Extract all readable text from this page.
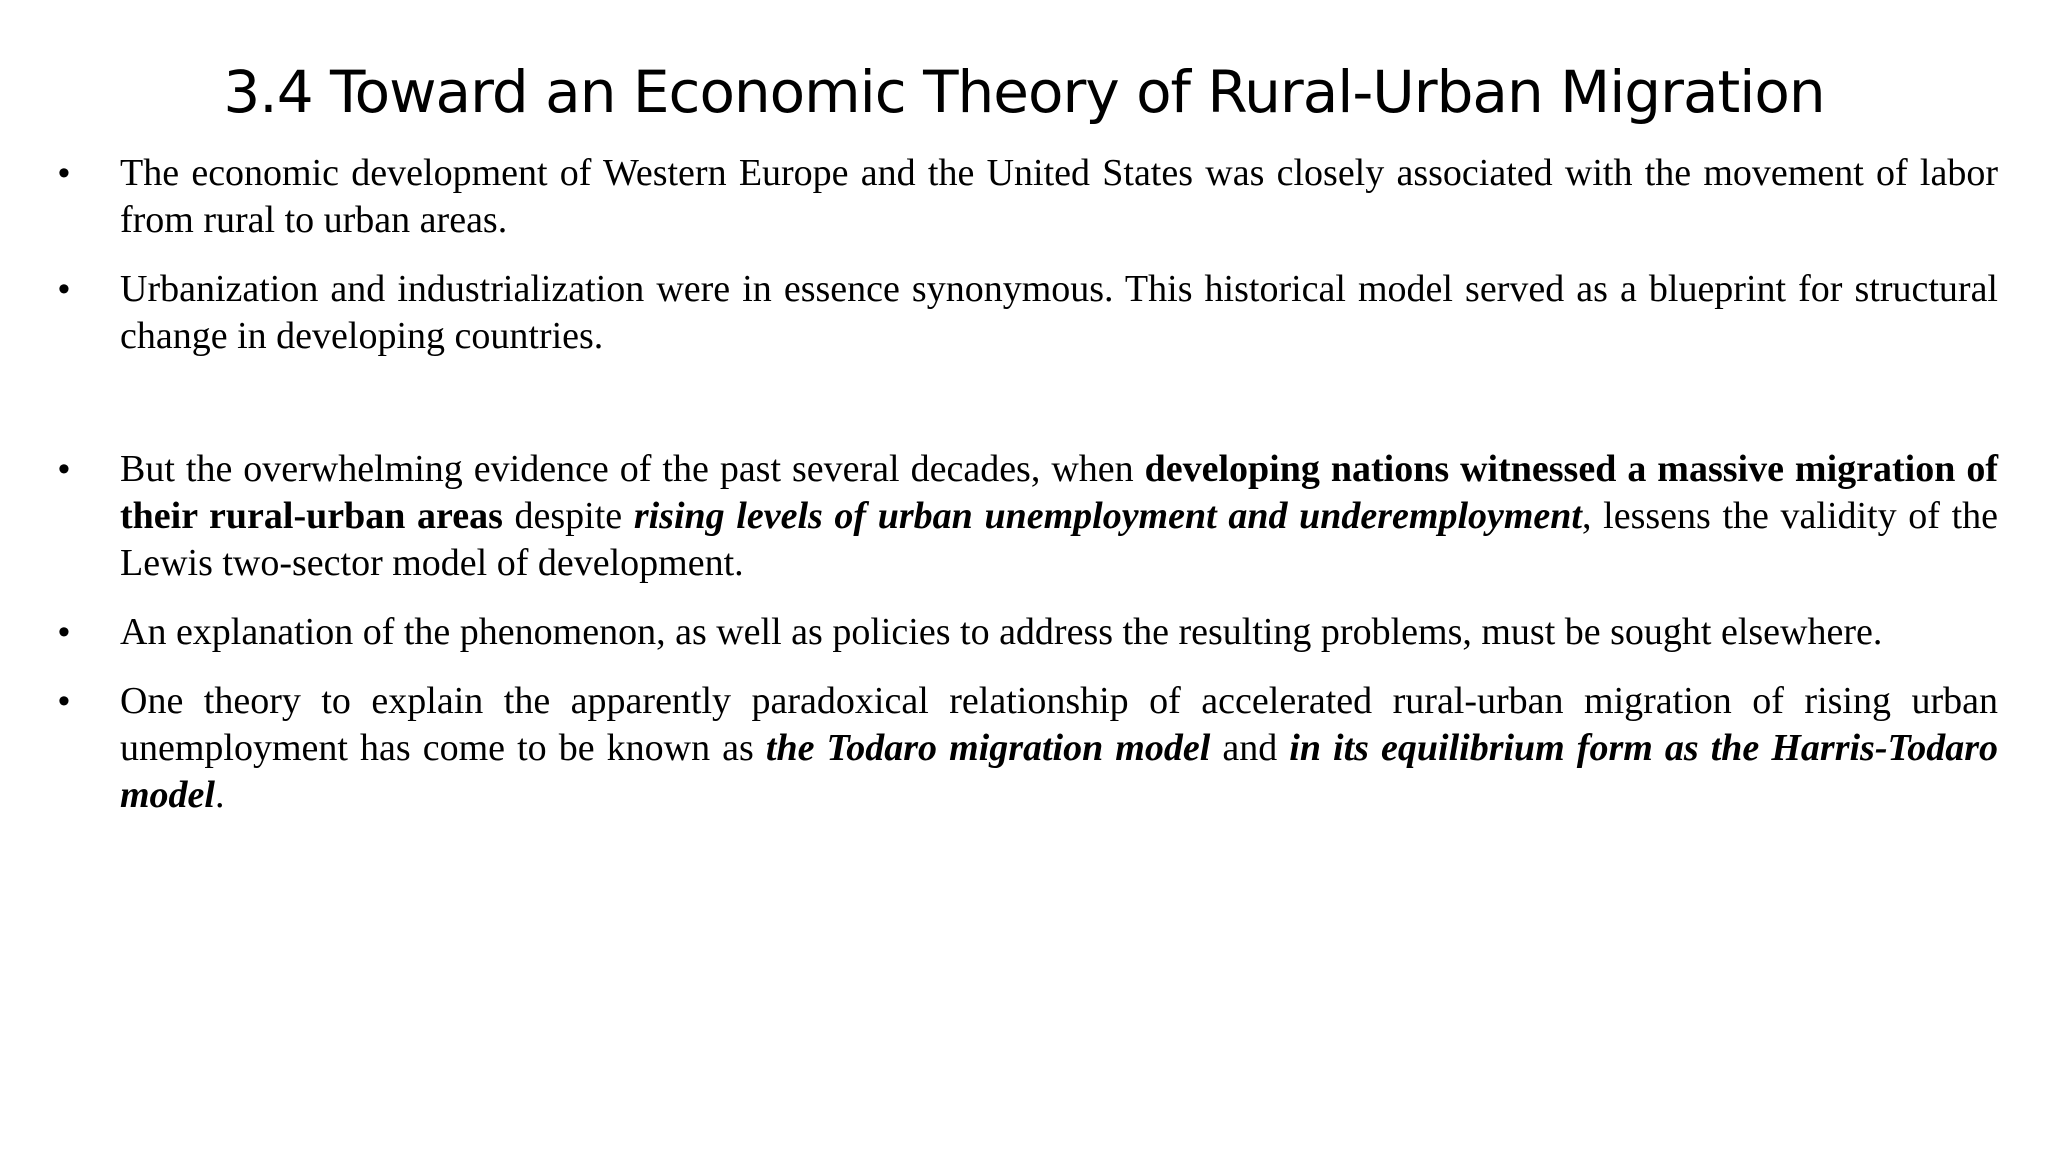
3.4 Toward an Economic Theory of Rural-Urban Migration
•	The economic development of Western Europe and the United States was closely associated with the movement of labor from rural to urban areas.
•	Urbanization and industrialization were in essence synonymous. This historical model served as a blueprint for structural change in developing countries.
•	But the overwhelming evidence of the past several decades, when developing nations witnessed a massive migration of their rural-urban areas despite rising levels of urban unemployment and underemployment, lessens the validity of the Lewis two-sector model of development.
•	An explanation of the phenomenon, as well as policies to address the resulting problems, must be sought elsewhere.
•	One theory to explain the apparently paradoxical relationship of accelerated rural-urban migration of rising urban unemployment has come to be known as the Todaro migration model and in its equilibrium form as the Harris-Todaro model.
